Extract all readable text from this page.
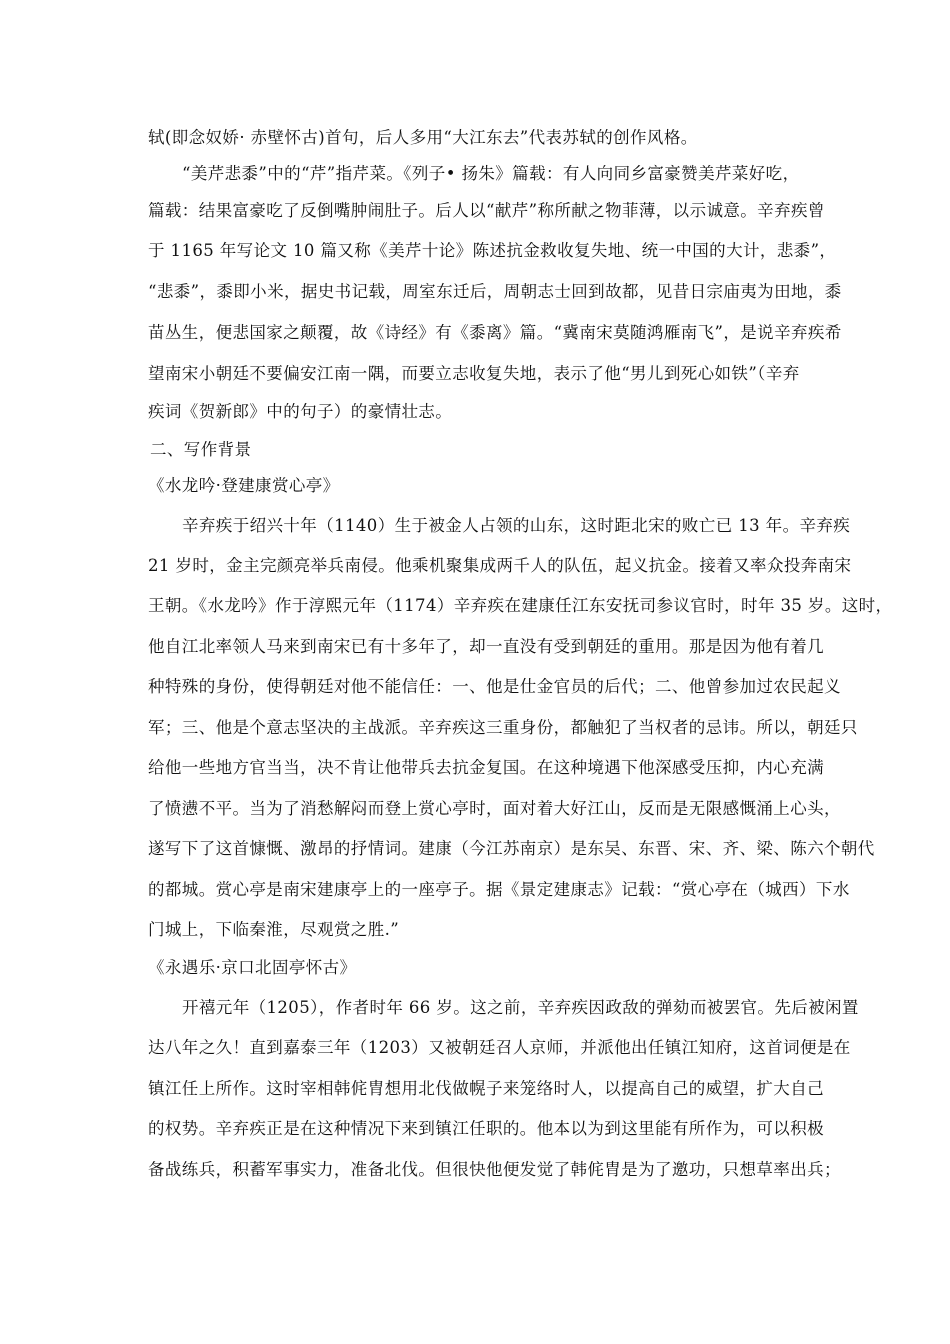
轼(即念奴娇· 赤壁怀古)首句，后人多用“大江东去”代表苏轼的创作风格。
“美芹悲黍”中的“芹”指芹菜。《列子• 扬朱》篇载：有人向同乡富豪赞美芹菜好吃，
篇载：结果富豪吃了反倒嘴肿闹肚子。后人以“献芹”称所献之物菲薄，以示诚意。辛弃疾曾
于 1165 年写论文 10 篇又称《美芹十论》陈述抗金救收复失地、统一中国的大计，悲黍”，
“悲黍”，黍即小米，据史书记载，周室东迁后，周朝志士回到故都，见昔日宗庙夷为田地，黍
苗丛生，便悲国家之颠覆，故《诗经》有《黍离》篇。“冀南宋莫随鸿雁南飞”，是说辛弃疾希
望南宋小朝廷不要偏安江南一隅，而要立志收复失地，表示了他“男儿到死心如铁”（辛弃
疾词《贺新郎》中的句子）的豪情壮志。
二、写作背景
《水龙吟·登建康赏心亭》
辛弃疾于绍兴十年（1140）生于被金人占领的山东，这时距北宋的败亡已 13 年。辛弃疾
21 岁时，金主完颜亮举兵南侵。他乘机聚集成两千人的队伍，起义抗金。接着又率众投奔南宋
王朝。《水龙吟》作于淳熙元年（1174）辛弃疾在建康任江东安抚司参议官时，时年 35 岁。这时，
他自江北率领人马来到南宋已有十多年了，却一直没有受到朝廷的重用。那是因为他有着几
种特殊的身份，使得朝廷对他不能信任：一、他是仕金官员的后代；二、他曾参加过农民起义
军；三、他是个意志坚决的主战派。辛弃疾这三重身份，都触犯了当权者的忌讳。所以，朝廷只
给他一些地方官当当，决不肯让他带兵去抗金复国。在这种境遇下他深感受压抑，内心充满
了愤懑不平。当为了消愁解闷而登上赏心亭时，面对着大好江山，反而是无限感慨涌上心头，
遂写下了这首慷慨、激昂的抒情词。建康（今江苏南京）是东吴、东晋、宋、齐、梁、陈六个朝代
的都城。赏心亭是南宋建康亭上的一座亭子。据《景定建康志》记载：“赏心亭在（城西）下水
门城上，下临秦淮，尽观赏之胜.”
《永遇乐·京口北固亭怀古》
开禧元年（1205），作者时年 66 岁。这之前，辛弃疾因政敌的弹劾而被罢官。先后被闲置
达八年之久！直到嘉泰三年（1203）又被朝廷召人京师，并派他出任镇江知府，这首词便是在
镇江任上所作。这时宰相韩侂胄想用北伐做幌子来笼络时人，以提高自己的威望，扩大自己
的权势。辛弃疾正是在这种情况下来到镇江任职的。他本以为到这里能有所作为，可以积极
备战练兵，积蓄军事实力，准备北伐。但很快他便发觉了韩侂胄是为了邀功，只想草率出兵；
